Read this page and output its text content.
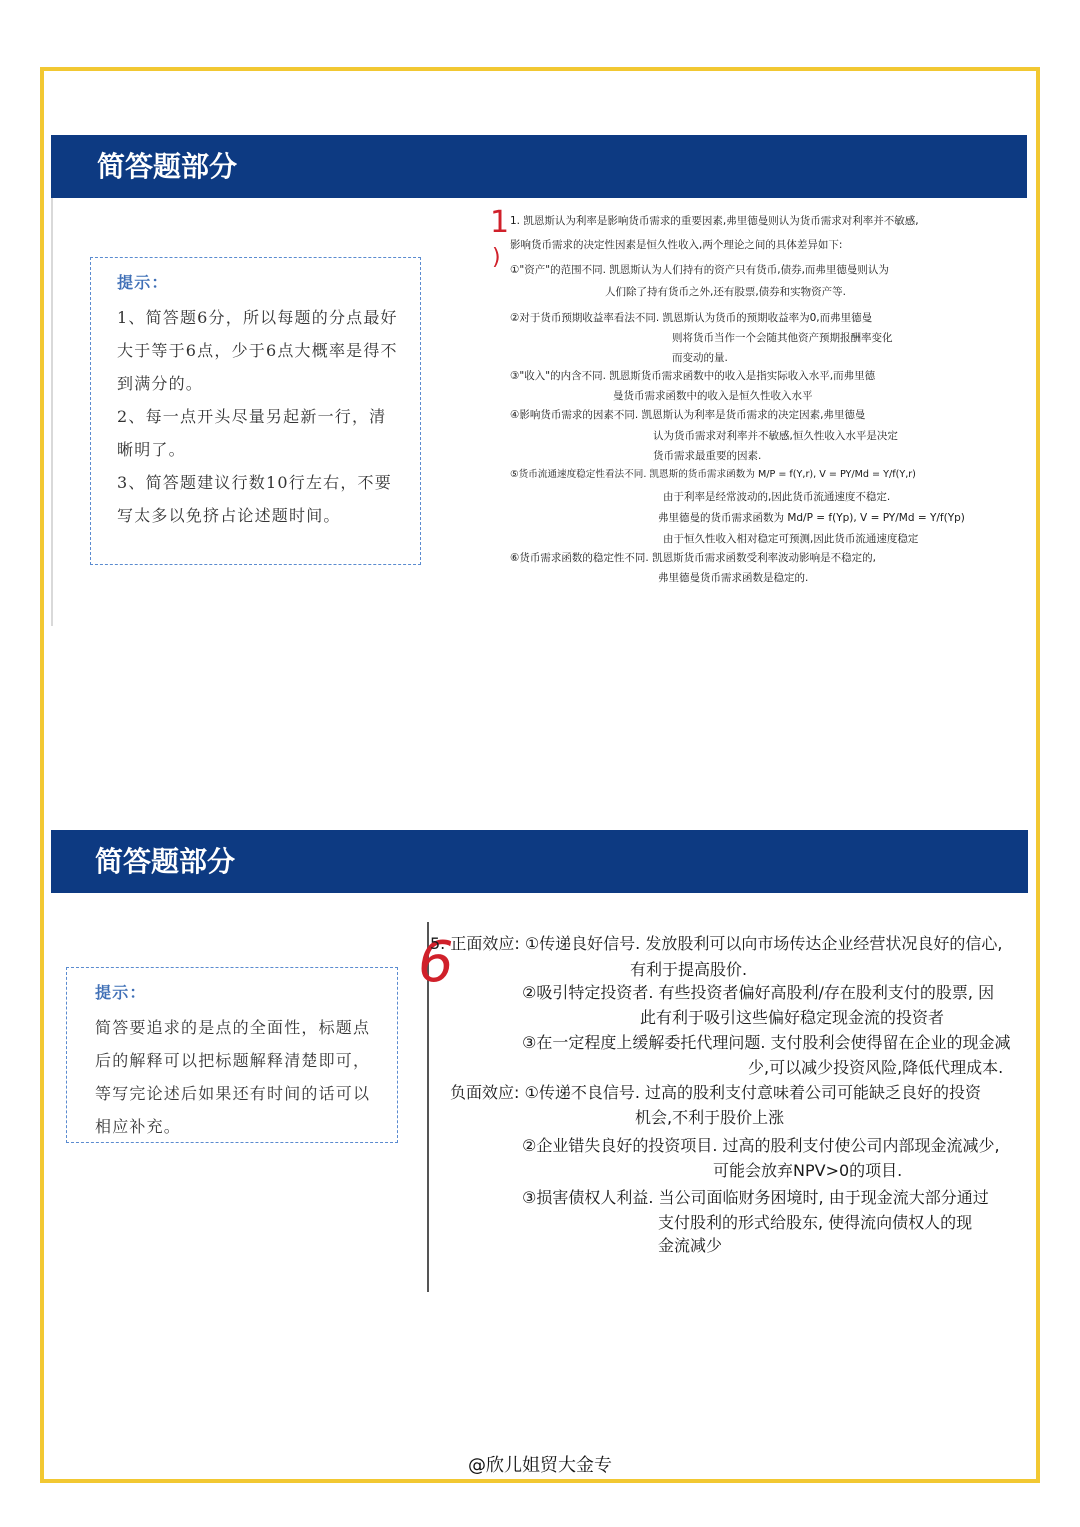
简答题部分
提示：
1、简答题6分，所以每题的分点最好
大于等于6点，少于6点大概率是得不
到满分的。
2、每一点开头尽量另起新一行，清
晰明了。
3、简答题建议行数10行左右，不要
写太多以免挤占论述题时间。
1
)
1. 凯恩斯认为利率是影响货币需求的重要因素,弗里德曼则认为货币需求对利率并不敏感,
影响货币需求的决定性因素是恒久性收入,两个理论之间的具体差异如下:
①"资产"的范围不同. 凯恩斯认为人们持有的资产只有货币,债券,而弗里德曼则认为
人们除了持有货币之外,还有股票,债券和实物资产等.
②对于货币预期收益率看法不同. 凯恩斯认为货币的预期收益率为0,而弗里德曼
则将货币当作一个会随其他资产预期报酬率变化
而变动的量.
③"收入"的内含不同. 凯恩斯货币需求函数中的收入是指实际收入水平,而弗里德
曼货币需求函数中的收入是恒久性收入水平
④影响货币需求的因素不同. 凯恩斯认为利率是货币需求的决定因素,弗里德曼
认为货币需求对利率并不敏感,恒久性收入水平是决定
货币需求最重要的因素.
⑤货币流通速度稳定性看法不同. 凯恩斯的货币需求函数为 M/P = f(Y,r), V = PY/Md = Y/f(Y,r)
由于利率是经常波动的,因此货币流通速度不稳定.
弗里德曼的货币需求函数为 Md/P = f(Yp), V = PY/Md = Y/f(Yp)
由于恒久性收入相对稳定可预测,因此货币流通速度稳定
⑥货币需求函数的稳定性不同. 凯恩斯货币需求函数受利率波动影响是不稳定的,
弗里德曼货币需求函数是稳定的.
简答题部分
提示：
简答要追求的是点的全面性，标题点
后的解释可以把标题解释清楚即可，
等写完论述后如果还有时间的话可以
相应补充。
6
5. 正面效应: ①传递良好信号. 发放股利可以向市场传达企业经营状况良好的信心,
有利于提高股价.
②吸引特定投资者. 有些投资者偏好高股利/存在股利支付的股票, 因
此有利于吸引这些偏好稳定现金流的投资者
③在一定程度上缓解委托代理问题. 支付股利会使得留在企业的现金减
少,可以减少投资风险,降低代理成本.
负面效应: ①传递不良信号. 过高的股利支付意味着公司可能缺乏良好的投资
机会,不利于股价上涨
②企业错失良好的投资项目. 过高的股利支付使公司内部现金流减少,
可能会放弃NPV>0的项目.
③损害债权人利益. 当公司面临财务困境时, 由于现金流大部分通过
支付股利的形式给股东, 使得流向债权人的现
金流减少
@欣儿姐贸大金专
